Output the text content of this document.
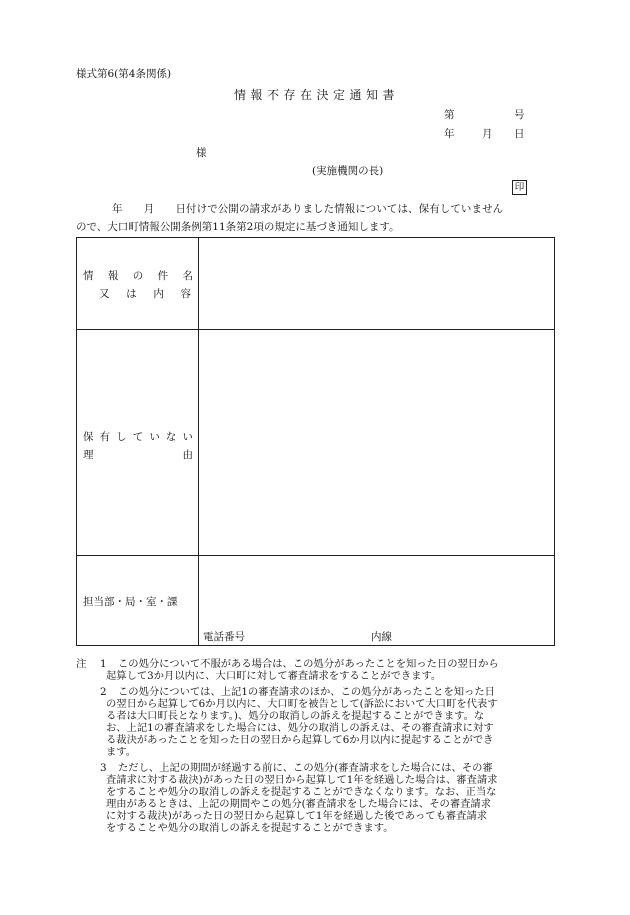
様式第6(第4条関係)
情報不存在決定通知書
第	号
年	月 日
様
(実施機関の長)
印
年　　月　　日付けで公開の請求がありました情報については、保有していません
ので、大口町情報公開条例第11条第2項の規定に基づき通知します。
情 報 の 件 名
又 は 内 容
保 有 し て い な い
理	由
担当部・局・室・課
電話番号	内線
注 1 この処分について不服がある場合は、この処分があったことを知った日の翌日から
起算して3か月以内に、大口町に対して審査請求をすることができます。
2 この処分については、上記1の審査請求のほか、この処分があったことを知った日
の翌日から起算して6か月以内に、大口町を被告として(訴訟において大口町を代表す
る者は大口町長となります。)、処分の取消しの訴えを提起することができます。な
お、上記1の審査請求をした場合には、処分の取消しの訴えは、その審査請求に対す
る裁決があったことを知った日の翌日から起算して6か月以内に提起することができ
ます。
3 ただし、上記の期間が経過する前に、この処分(審査請求をした場合には、その審
査請求に対する裁決)があった日の翌日から起算して1年を経過した場合は、審査請求
をすることや処分の取消しの訴えを提起することができなくなります。なお、正当な
理由があるときは、上記の期間やこの処分(審査請求をした場合には、その審査請求
に対する裁決)があった日の翌日から起算して1年を経過した後であっても審査請求
をすることや処分の取消しの訴えを提起することができます。
